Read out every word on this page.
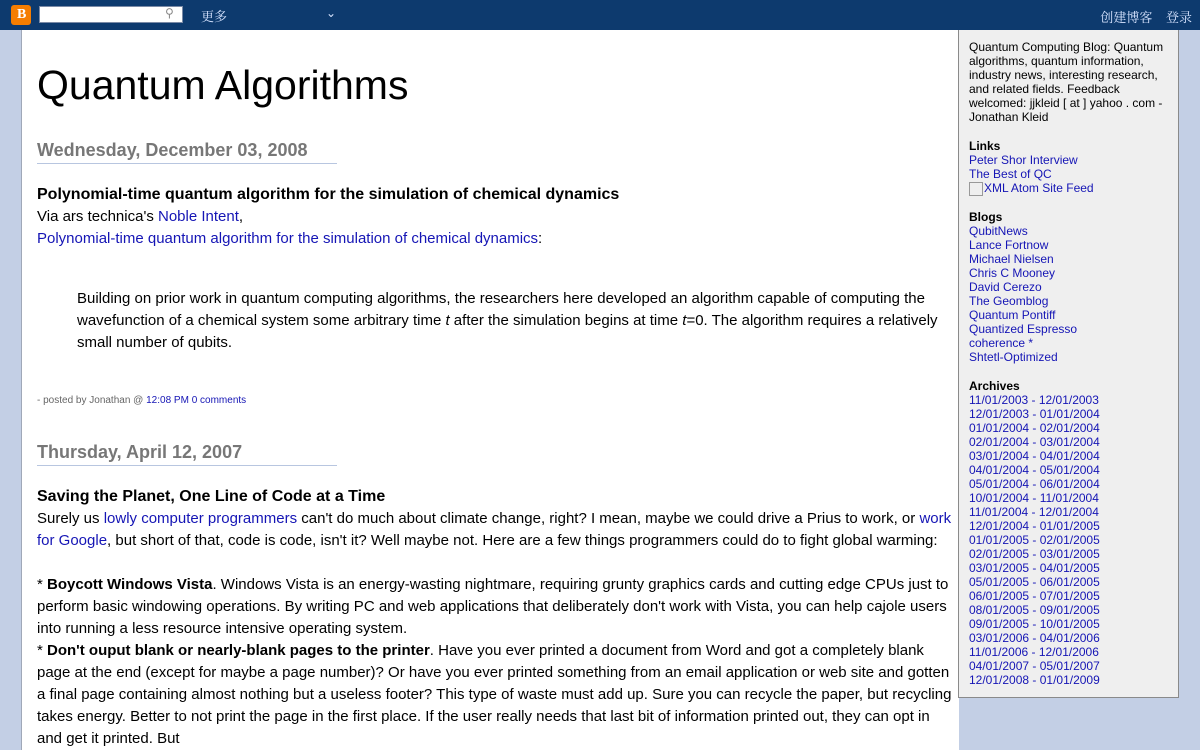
B	⚲	更多	⌄	创建博客 登录
Quantum Algorithms
Wednesday, December 03, 2008
Polynomial-time quantum algorithm for the simulation of chemical dynamics

Via ars technica's Noble Intent,

Polynomial-time quantum algorithm for the simulation of chemical dynamics:

Building on prior work in quantum computing algorithms, the researchers here developed an algorithm capable of computing the wavefunction of a chemical system some arbitrary time t after the simulation begins at time t=0. The algorithm requires a relatively small number of qubits.
- posted by Jonathan @ 12:08 PM 0 comments
Thursday, April 12, 2007
Saving the Planet, One Line of Code at a Time

Surely us lowly computer programmers can't do much about climate change, right? I mean, maybe we could drive a Prius to work, or work for Google, but short of that, code is code, isn't it? Well maybe not. Here are a few things programmers could do to fight global warming:

* Boycott Windows Vista. Windows Vista is an energy-wasting nightmare, requiring grunty graphics cards and cutting edge CPUs just to perform basic windowing operations. By writing PC and web applications that deliberately don't work with Vista, you can help cajole users into running a less resource intensive operating system.

* Don't ouput blank or nearly-blank pages to the printer. Have you ever printed a document from Word and got a completely blank page at the end (except for maybe a page number)? Or have you ever printed something from an email application or web site and gotten a final page containing almost nothing but a useless footer? This type of waste must add up. Sure you can recycle the paper, but recycling takes energy. Better to not print the page in the first place. If the user really needs that last bit of information printed out, they can opt in and get it printed. But

Quantum Computing Blog: Quantum algorithms, quantum information, industry news, interesting research, and related fields. Feedback welcomed: jjkleid [ at ] yahoo . com - Jonathan Kleid

Links

Peter Shor Interview
The Best of QC
XML Atom Site Feed

Blogs

QubitNews
Lance Fortnow
Michael Nielsen
Chris C Mooney
David Cerezo
The Geomblog
Quantum Pontiff
Quantized Espresso
coherence *
Shtetl-Optimized

Archives

11/01/2003 - 12/01/2003
12/01/2003 - 01/01/2004
01/01/2004 - 02/01/2004
02/01/2004 - 03/01/2004
03/01/2004 - 04/01/2004
04/01/2004 - 05/01/2004
05/01/2004 - 06/01/2004
10/01/2004 - 11/01/2004
11/01/2004 - 12/01/2004
12/01/2004 - 01/01/2005
01/01/2005 - 02/01/2005
02/01/2005 - 03/01/2005
03/01/2005 - 04/01/2005
05/01/2005 - 06/01/2005
06/01/2005 - 07/01/2005
08/01/2005 - 09/01/2005
09/01/2005 - 10/01/2005
03/01/2006 - 04/01/2006
11/01/2006 - 12/01/2006
04/01/2007 - 05/01/2007
12/01/2008 - 01/01/2009
